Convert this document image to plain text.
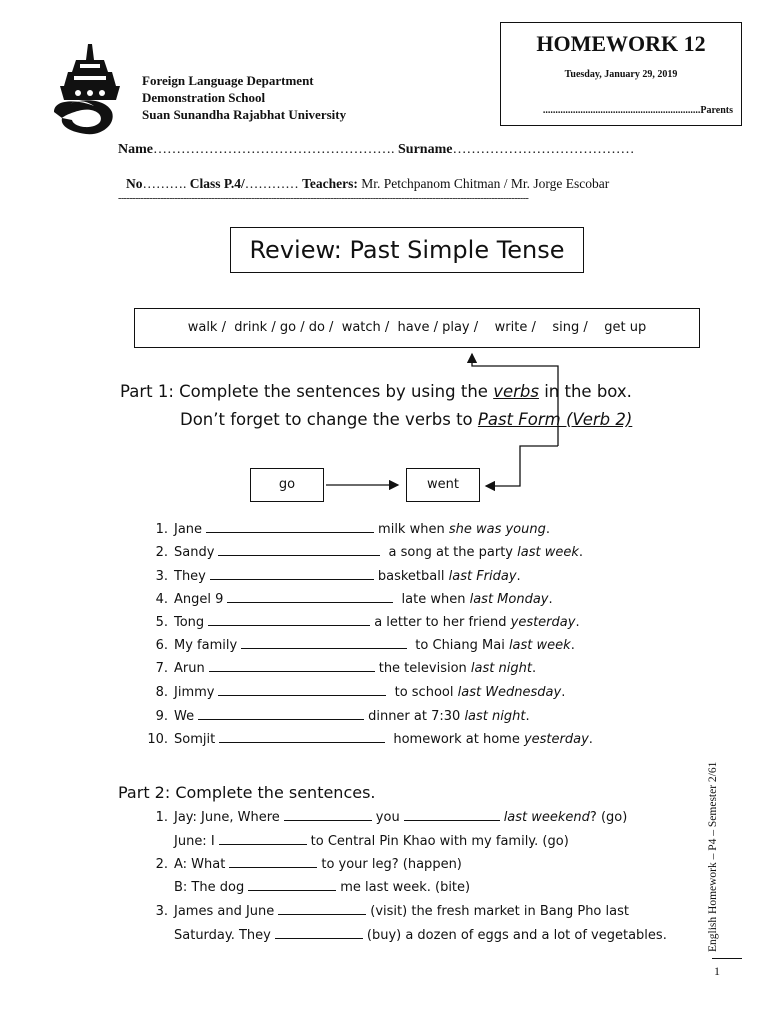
Foreign Language Department
Demonstration School
Suan Sunandha Rajabhat University
HOMEWORK 12
Tuesday, January 29, 2019
...............................................................Parents
Name……………………………………………. Surname…………………………………
No………. Class P.4/………… Teachers: Mr. Petchpanom Chitman / Mr. Jorge Escobar
-------------------------------------------------------------------------------------------------------------------------------------------------
Review: Past Simple Tense
walk /  drink / go / do /  watch /  have / play /    write /    sing /    get up
Part 1: Complete the sentences by using the verbs in the box.
Don’t forget to change the verbs to Past Form (Verb 2)
go	went
1. Jane	milk when she was young.
2. Sandy	a song at the party last week.
3. They	basketball last Friday.
4. Angel 9	late when last Monday.
5. Tong	a letter to her friend yesterday.
6. My family	to Chiang Mai last week.
7. Arun	the television last night.
8. Jimmy	to school last Wednesday.
9. We	dinner at 7:30 last night.
10. Somjit	homework at home yesterday.
Part 2: Complete the sentences.
1. Jay: June, Where	you	last weekend? (go)
June: I	to Central Pin Khao with my family. (go)
2. A: What	to your leg? (happen)
B: The dog	me last week. (bite)
3. James and June	(visit) the fresh market in Bang Pho last
Saturday. They	(buy) a dozen of eggs and a lot of vegetables.	English Homework – P4 – Semester 2/61
1
